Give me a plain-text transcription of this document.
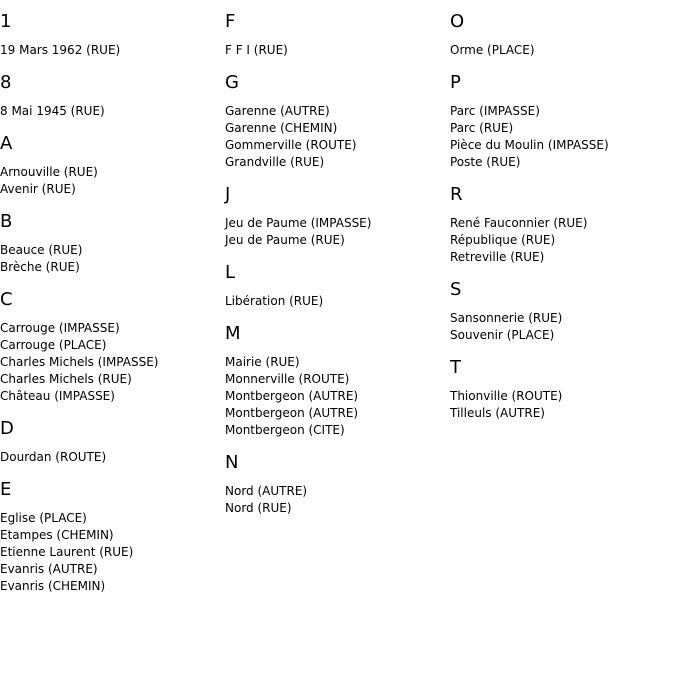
1
19 Mars 1962 (RUE)
8
8 Mai 1945 (RUE)
A
Arnouville (RUE)
Avenir (RUE)
B
Beauce (RUE)
Brèche (RUE)
C
Carrouge (IMPASSE)
Carrouge (PLACE)
Charles Michels (IMPASSE)
Charles Michels (RUE)
Château (IMPASSE)
D
Dourdan (ROUTE)
E
Eglise (PLACE)
Etampes (CHEMIN)
Etienne Laurent (RUE)
Evanris (AUTRE)
Evanris (CHEMIN)
F
F F I (RUE)
G
Garenne (AUTRE)
Garenne (CHEMIN)
Gommerville (ROUTE)
Grandville (RUE)
J
Jeu de Paume (IMPASSE)
Jeu de Paume (RUE)
L
Libération (RUE)
M
Mairie (RUE)
Monnerville (ROUTE)
Montbergeon (AUTRE)
Montbergeon (AUTRE)
Montbergeon (CITE)
N
Nord (AUTRE)
Nord (RUE)
O
Orme (PLACE)
P
Parc (IMPASSE)
Parc (RUE)
Pièce du Moulin (IMPASSE)
Poste (RUE)
R
René Fauconnier (RUE)
République (RUE)
Retreville (RUE)
S
Sansonnerie (RUE)
Souvenir (PLACE)
T
Thionville (ROUTE)
Tilleuls (AUTRE)
